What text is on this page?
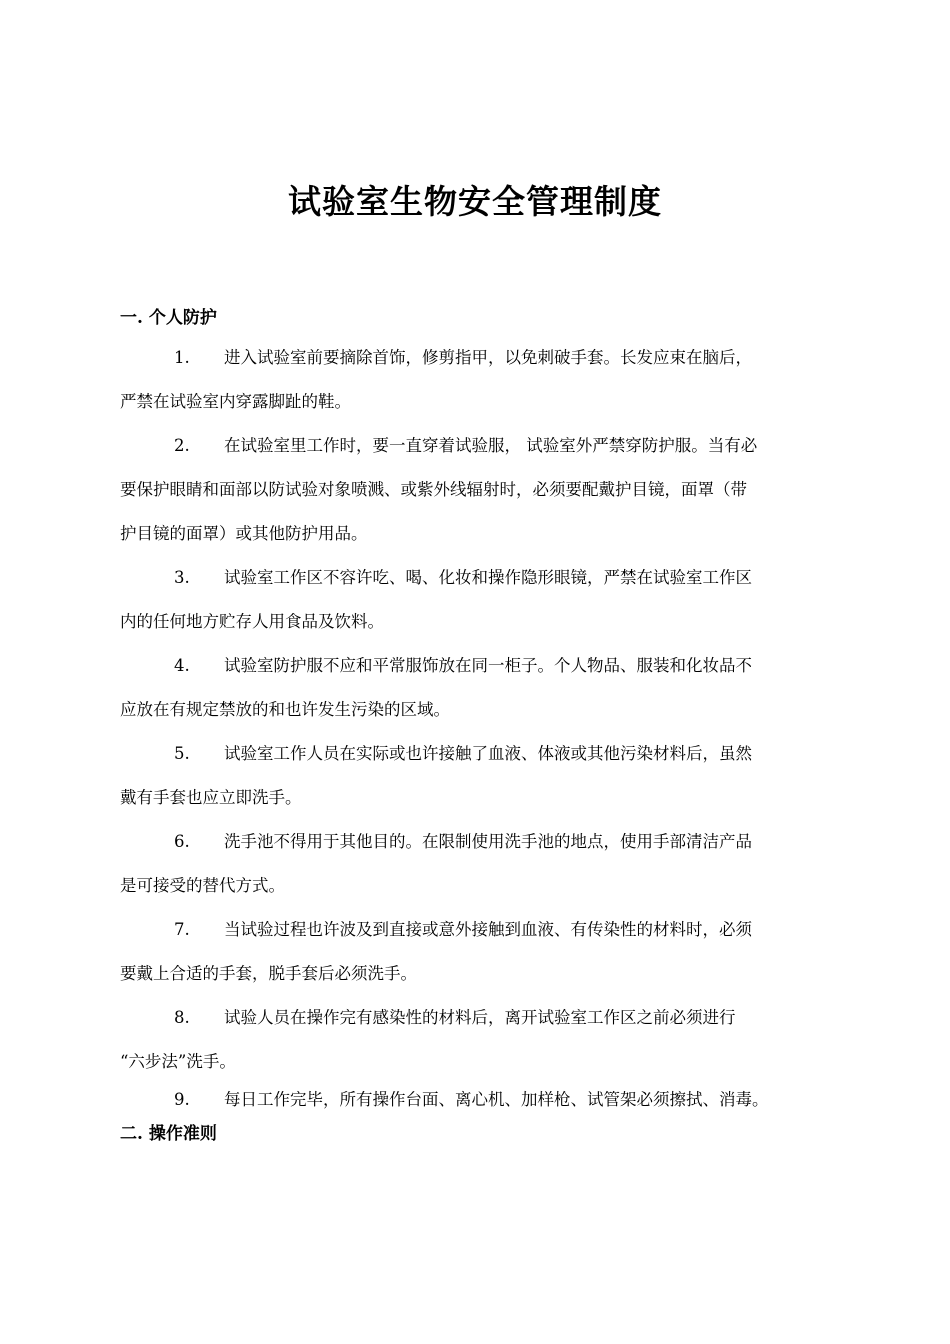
试验室生物安全管理制度
一. 个人防护
1. 进入试验室前要摘除首饰，修剪指甲，以免刺破手套。长发应束在脑后，
严禁在试验室内穿露脚趾的鞋。
2. 在试验室里工作时，要一直穿着试验服， 试验室外严禁穿防护服。当有必
要保护眼睛和面部以防试验对象喷溅、或紫外线辐射时，必须要配戴护目镜，面罩（带
护目镜的面罩）或其他防护用品。
3. 试验室工作区不容许吃、喝、化妆和操作隐形眼镜，严禁在试验室工作区
内的任何地方贮存人用食品及饮料。
4. 试验室防护服不应和平常服饰放在同一柜子。个人物品、服装和化妆品不
应放在有规定禁放的和也许发生污染的区域。
5. 试验室工作人员在实际或也许接触了血液、体液或其他污染材料后，虽然
戴有手套也应立即洗手。
6. 洗手池不得用于其他目的。在限制使用洗手池的地点，使用手部清洁产品
是可接受的替代方式。
7. 当试验过程也许波及到直接或意外接触到血液、有传染性的材料时，必须
要戴上合适的手套，脱手套后必须洗手。
8. 试验人员在操作完有感染性的材料后，离开试验室工作区之前必须进行
“六步法”洗手。
9. 每日工作完毕，所有操作台面、离心机、加样枪、试管架必须擦拭、消毒。
二. 操作准则
